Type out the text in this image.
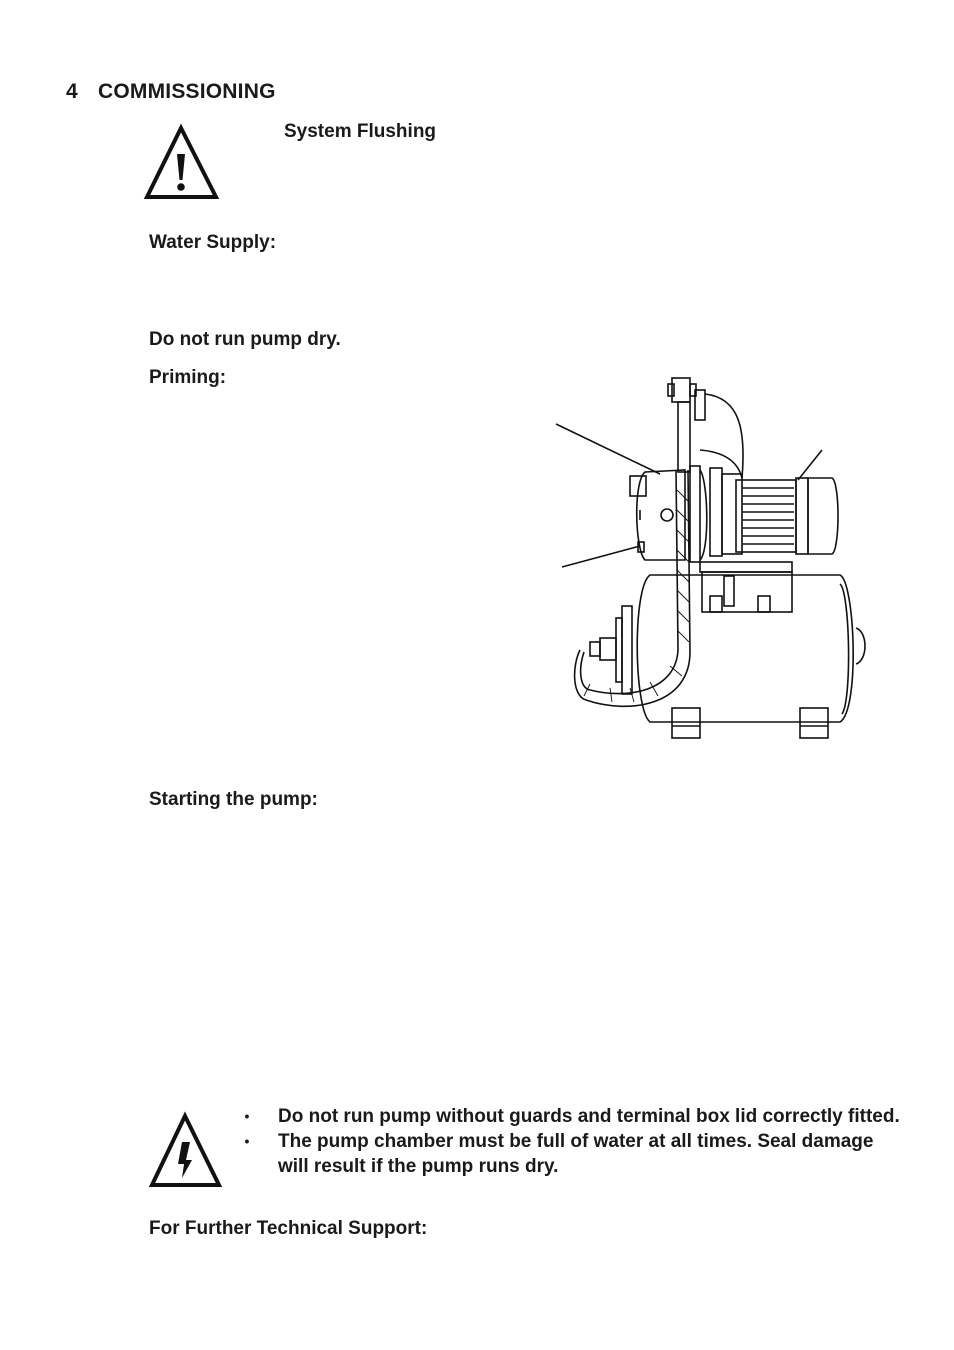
4 COMMISSIONING
System Flushing
Water Supply:
Do not run pump dry.
Priming:
Starting the pump:
• Do not run pump without guards and terminal box lid correctly fitted.
• The pump chamber must be full of water at all times. Seal damage will result if the pump runs dry.
For Further Technical Support:
